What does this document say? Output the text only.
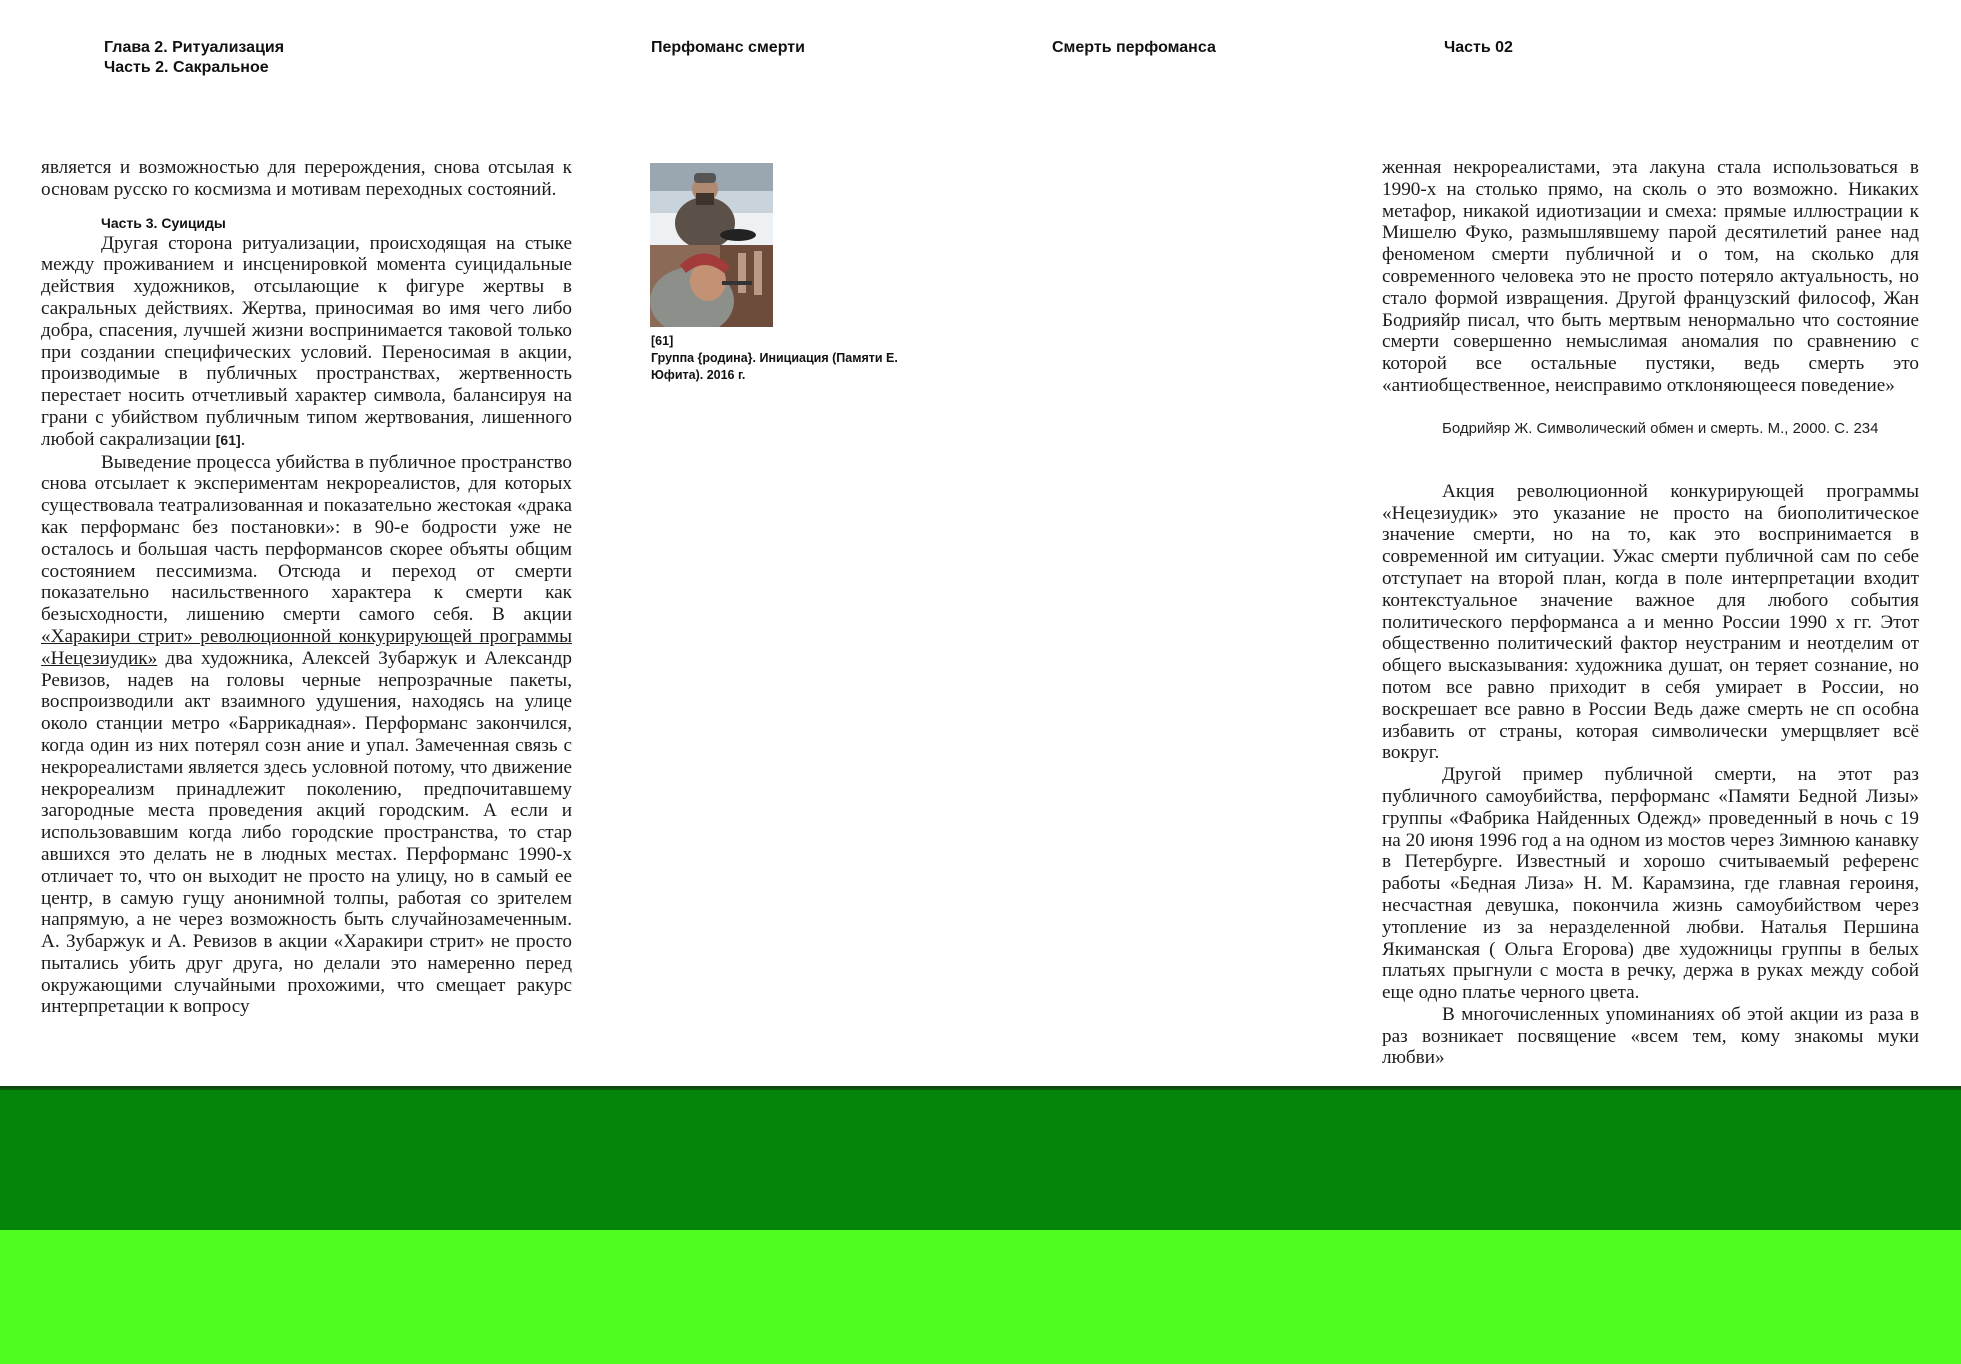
Глава 2. Ритуализация
Часть 2. Сакральное
Перфоманс смерти	Смерть перфоманса	Часть 02

является и возможностью для перерождения, снова отсылая к основам русско го космизма и мотивам переходных состояний.

Часть 3. Суициды

Другая сторона ритуализации, происходящая на стыке между проживанием и инсценировкой момента суицидальные действия художников, отсылающие к фигуре жертвы в сакральных действиях. Жертва, приносимая во имя чего либо добра, спасения, лучшей жизни воспринимается таковой только при создании специфических условий. Переносимая в акции, производимые в публичных пространствах, жертвенность перестает носить отчетливый характер символа, балансируя на грани с убийством публичным типом жертвования, лишенного любой сакрализации [61].

Выведение процесса убийства в публичное пространство снова отсылает к экспериментам некрореалистов, для которых существовала театрализованная и показательно жестокая «драка как перформанс без постановки»: в 90-е бодрости уже не осталось и большая часть перформансов скорее объяты общим состоянием пессимизма. Отсюда и переход от смерти показательно насильственного характера к смерти как безысходности, лишению смерти самого себя. В акции «Харакири стрит» революционной конкурирующей программы «Нецезиудик» два художника, Алексей Зубаржук и Александр Ревизов, надев на головы черные непрозрачные пакеты, воспроизводили акт взаимного удушения, находясь на улице около станции метро «Баррикадная». Перформанс закончился, когда один из них потерял созн ание и упал. Замеченная связь с некрореалистами является здесь условной потому, что движение некрореализм принадлежит поколению, предпочитавшему загородные места проведения акций городским. А если и использовавшим когда либо городские пространства, то стар авшихся это делать не в людных местах. Перформанс 1990-х отличает то, что он выходит не просто на улицу, но в самый ее центр, в самую гущу анонимной толпы, работая со зрителем напрямую, а не через возможность быть случайнозамеченным. А. Зубаржук и А. Ревизов в акции «Харакири стрит» не просто пытались убить друг друга, но делали это намеренно перед окружающими случайными прохожими, что смещает ракурс интерпретации к вопросу

[61]
Группа {родина}. Инициация (Памяти Е. Юфита). 2016 г.

женная некрореалистами, эта лакуна стала использоваться в 1990-х на столько прямо, на сколь о это возможно. Никаких метафор, никакой идиотизации и смеха: прямые иллюстрации к Мишелю Фуко, размышлявшему парой десятилетий ранее над феноменом смерти публичной и о том, на сколько для современного человека это не просто потеряло актуальность, но стало формой извращения. Другой французский философ, Жан Бодрияйр писал, что быть мертвым ненормально что состояние смерти совершенно немыслимая аномалия по сравнению с которой все остальные пустяки, ведь смерть это «антиобщественное, неисправимо отклоняющееся поведение»

Бодрийяр Ж. Символический обмен и смерть. М., 2000. С. 234

Акция революционной конкурирующей программы «Нецезиудик» это указание не просто на биополитическое значение смерти, но на то, как это воспринимается в современной им ситуации. Ужас смерти публичной сам по себе отступает на второй план, когда в поле интерпретации входит контекстуальное значение важное для любого события политического перформанса а и менно России 1990 х гг. Этот общественно политический фактор неустраним и неотделим от общего высказывания: художника душат, он теряет сознание, но потом все равно приходит в себя умирает в России, но воскрешает все равно в России Ведь даже смерть не сп особна избавить от страны, которая символически умерщвляет всё вокруг.

Другой пример публичной смерти, на этот раз публичного самоубийства, перформанс «Памяти Бедной Лизы» группы «Фабрика Найденных Одежд» проведенный в ночь с 19 на 20 июня 1996 год а на одном из мостов через Зимнюю канавку в Петербурге. Известный и хорошо считываемый референс работы «Бедная Лиза» Н. М. Карамзина, где главная героиня, несчастная девушка, покончила жизнь самоубийством через утопление из за неразделенной любви. Наталья Першина Якиманская ( Ольга Егорова) две художницы группы в белых платьях прыгнули с моста в речку, держа в руках между собой еще одно платье черного цвета.

В многочисленных упоминаниях об этой акции из раза в раз возникает посвящение «всем тем, кому знакомы муки любви»
